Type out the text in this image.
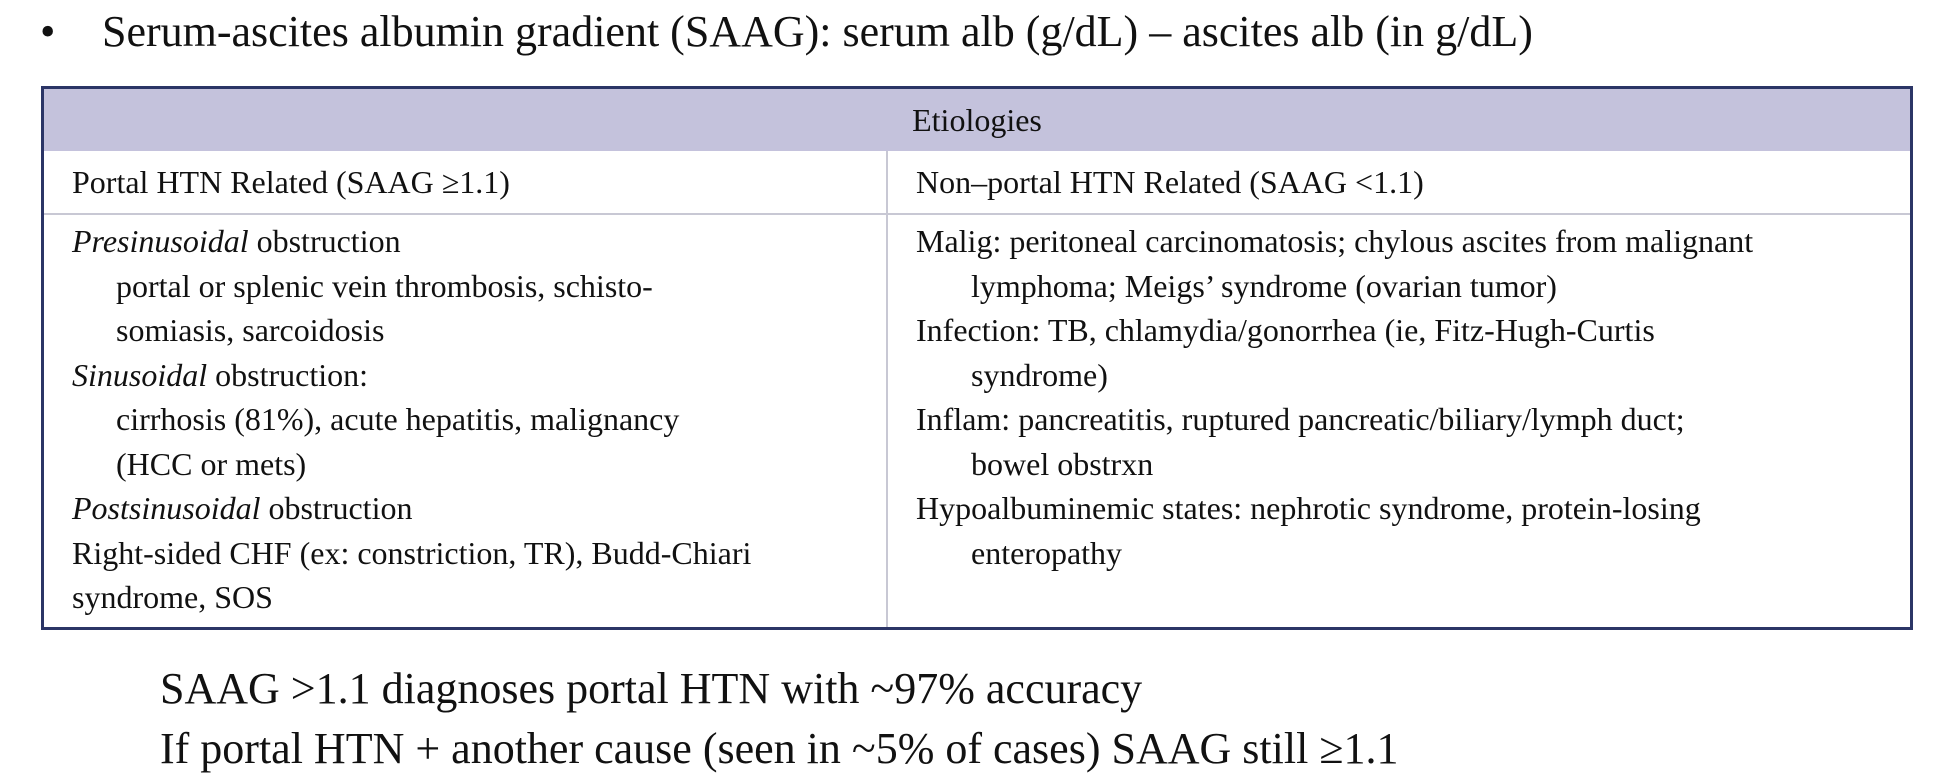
• Serum-ascites albumin gradient (SAAG): serum alb (g/dL) – ascites alb (in g/dL)
Etiologies
Portal HTN Related (SAAG ≥1.1)	Non–portal HTN Related (SAAG <1.1)
Presinusoidal obstruction
portal or splenic vein thrombosis, schisto-
somiasis, sarcoidosis
Sinusoidal obstruction:
cirrhosis (81%), acute hepatitis, malignancy
(HCC or mets)
Postsinusoidal obstruction
Right-sided CHF (ex: constriction, TR), Budd-Chiari
syndrome, SOS
Malig: peritoneal carcinomatosis; chylous ascites from malignant
lymphoma; Meigs’ syndrome (ovarian tumor)
Infection: TB, chlamydia/gonorrhea (ie, Fitz-Hugh-Curtis
syndrome)
Inflam: pancreatitis, ruptured pancreatic/biliary/lymph duct;
bowel obstrxn
Hypoalbuminemic states: nephrotic syndrome, protein-losing
enteropathy
SAAG >1.1 diagnoses portal HTN with ~97% accuracy
If portal HTN + another cause (seen in ~5% of cases) SAAG still ≥1.1
